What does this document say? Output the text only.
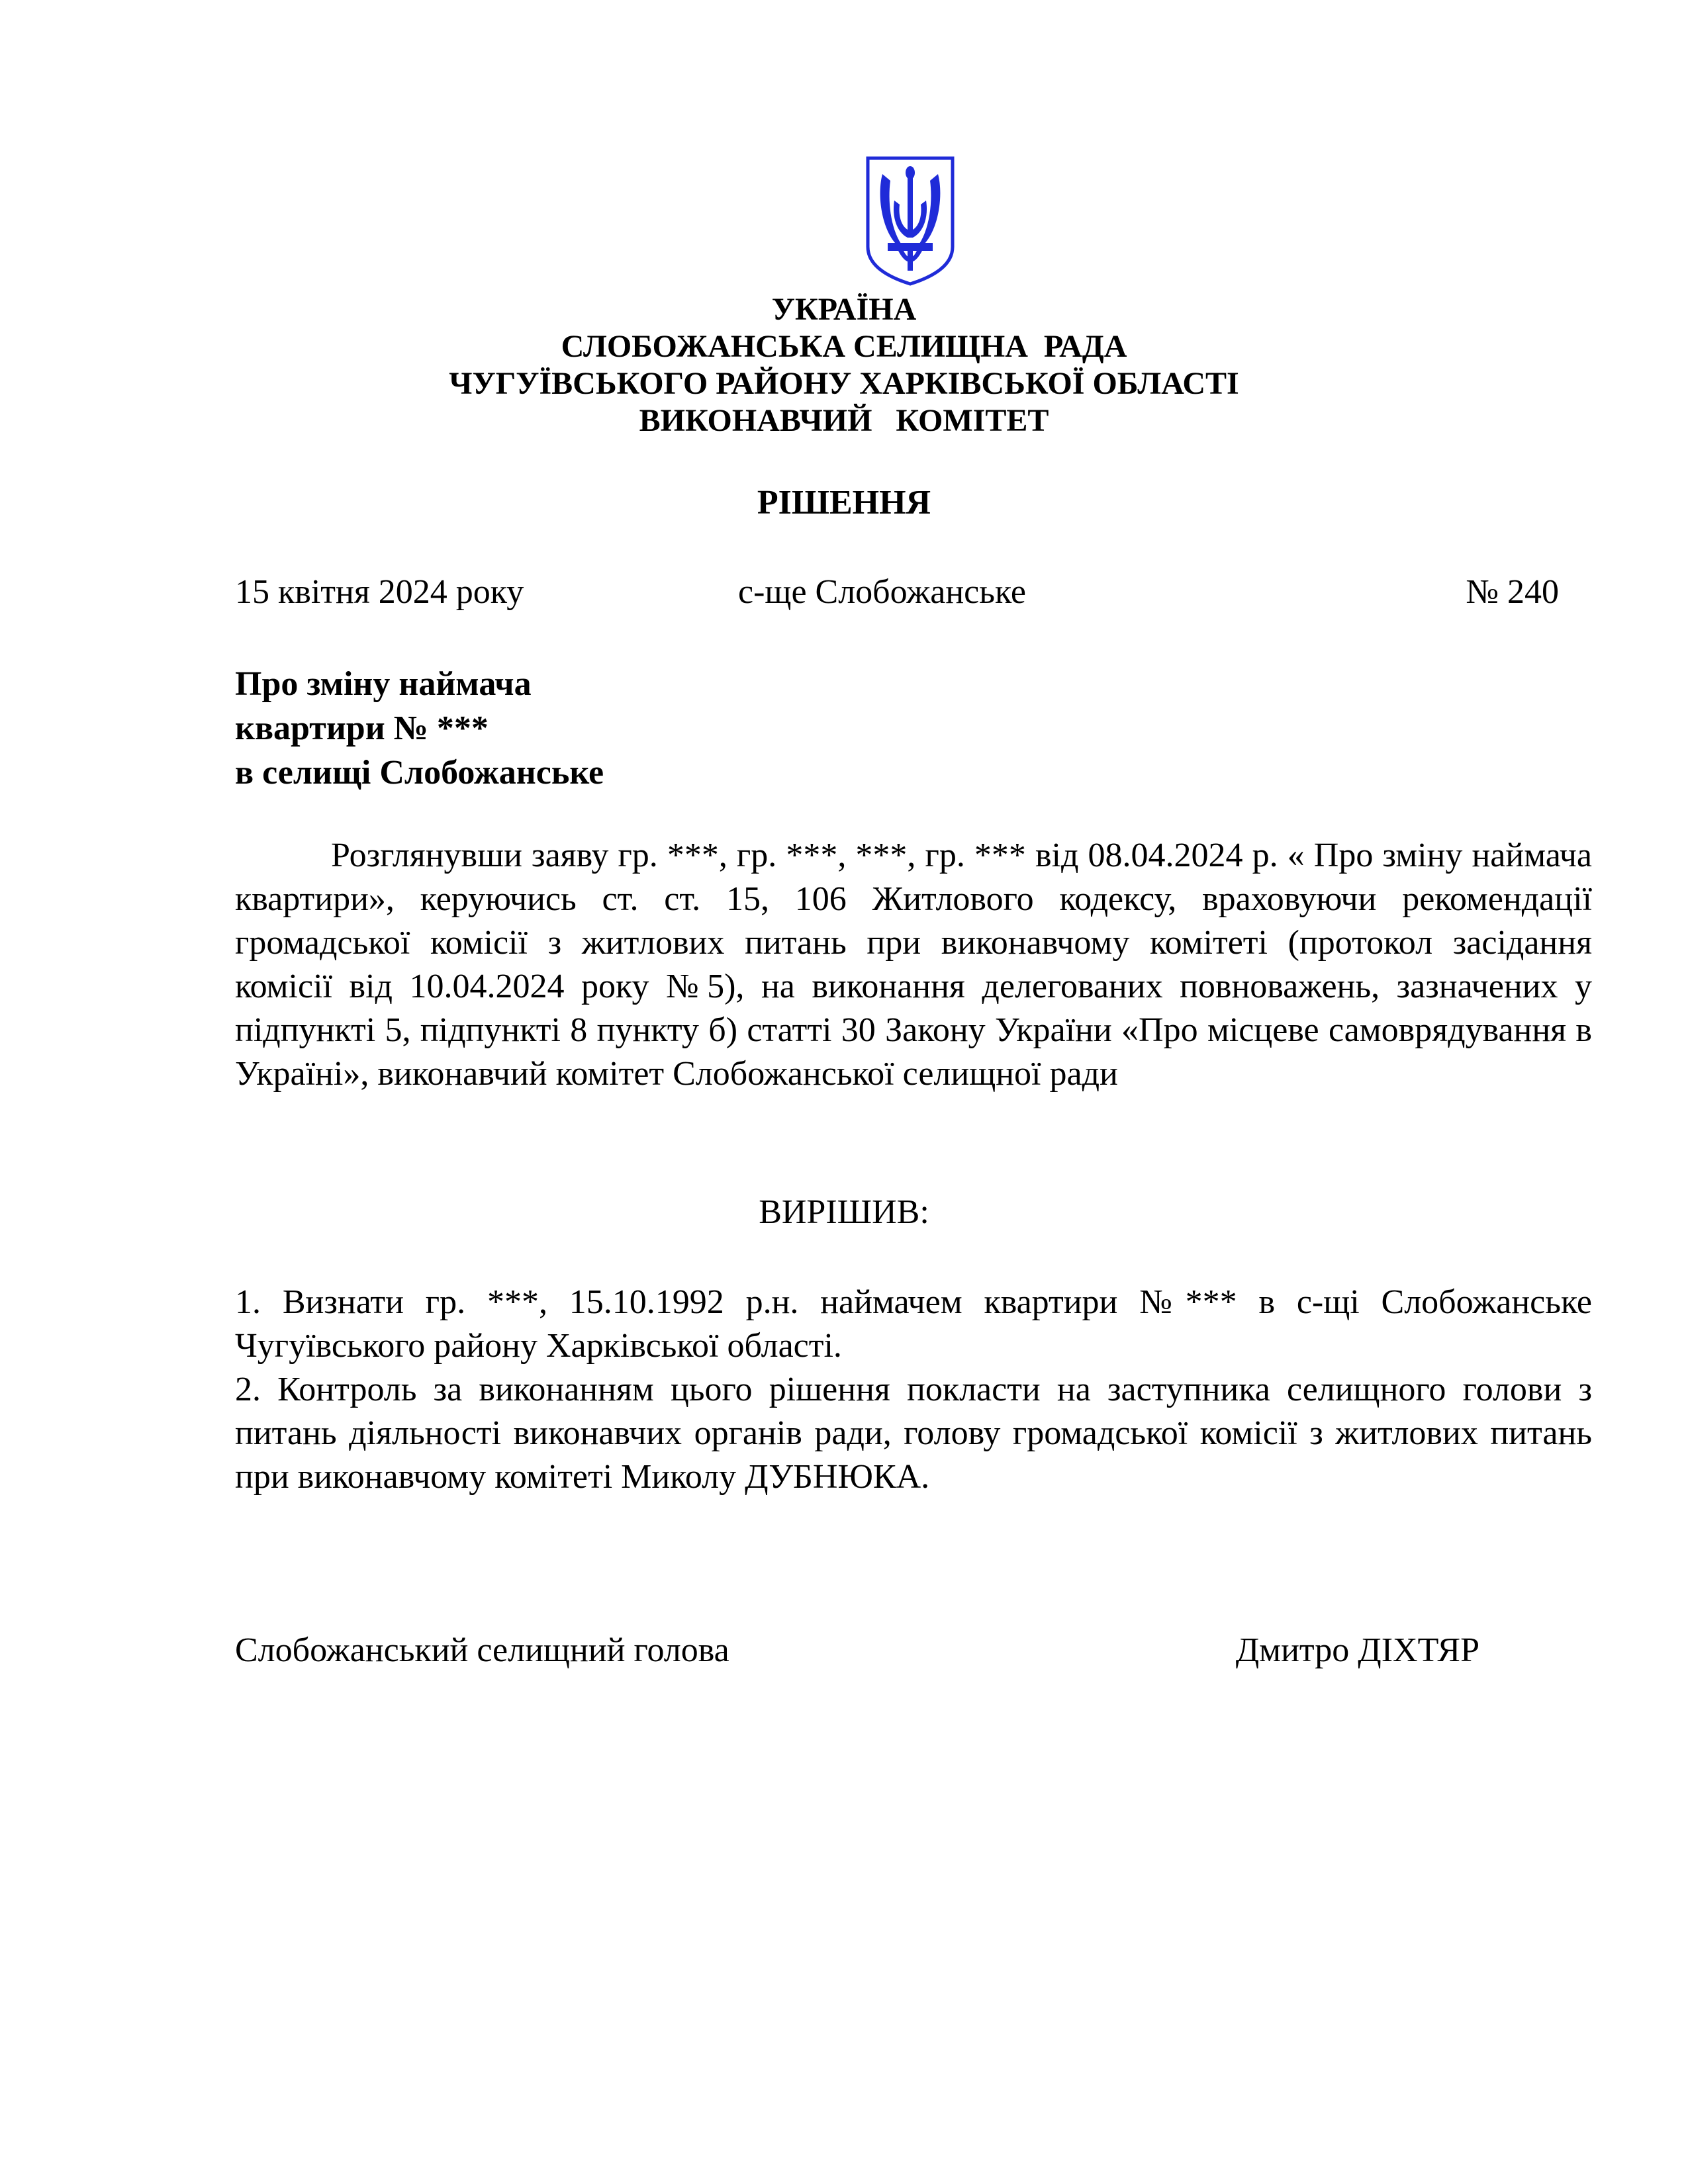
УКРАЇНА
СЛОБОЖАНСЬКА СЕЛИЩНА  РАДА
ЧУГУЇВСЬКОГО РАЙОНУ ХАРКІВСЬКОЇ ОБЛАСТІ
ВИКОНАВЧИЙ   КОМІТЕТ
РІШЕННЯ
15 квітня 2024 року	с-ще Слобожанське	№ 240
Про зміну наймача
квартири № ***
в селищі Слобожанське
Розглянувши заяву гр. ***, гр. ***, ***, гр. *** від 08.04.2024 р. « Про зміну наймача квартири», керуючись ст. ст. 15, 106 Житлового кодексу, враховуючи рекомендації громадської комісії з житлових питань при виконавчому комітеті (протокол засідання комісії від 10.04.2024 року №5), на виконання делегованих повноважень, зазначених у підпункті 5, підпункті 8 пункту б) статті 30 Закону України «Про місцеве самоврядування в Україні», виконавчий комітет Слобожанської селищної ради
ВИРІШИВ:
1. Визнати гр. ***, 15.10.1992 р.н. наймачем квартири №*** в с-щі Слобожанське Чугуївського району Харківської області.
2. Контроль за виконанням цього рішення покласти на заступника селищного голови з питань діяльності виконавчих органів ради, голову громадської комісії з житлових питань при виконавчому комітеті Миколу ДУБНЮКА.
Слобожанський селищний голова	Дмитро ДІХТЯР
